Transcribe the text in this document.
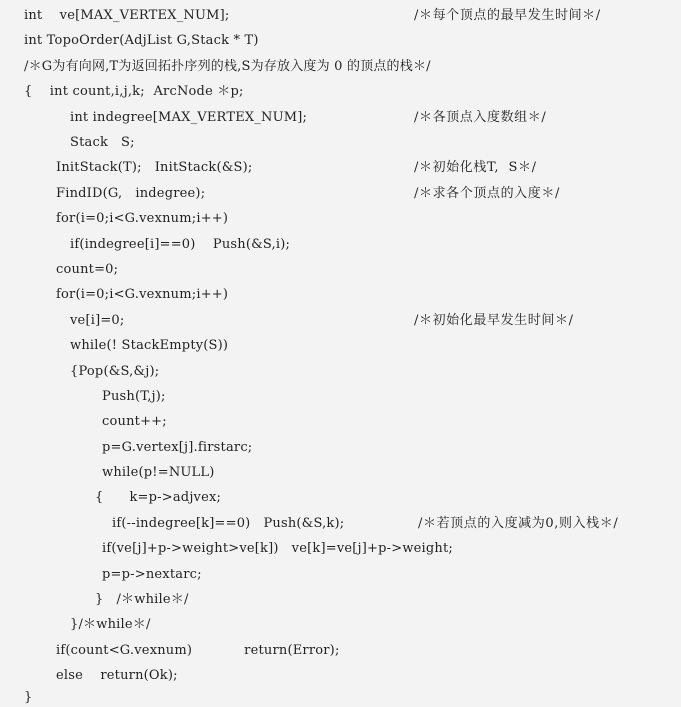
int    ve[MAX_VERTEX_NUM];	/＊每个顶点的最早发生时间＊/
int TopoOrder(AdjList G,Stack * T)
/＊G为有向网,T为返回拓扑序列的栈,S为存放入度为 0 的顶点的栈＊/
{    int count,i,j,k;  ArcNode ＊p;
int indegree[MAX_VERTEX_NUM];	/＊各顶点入度数组＊/
Stack   S;
InitStack(T);   InitStack(&S);	/＊初始化栈T,  S＊/
FindID(G,   indegree);	/＊求各个顶点的入度＊/
for(i=0;i<G.vexnum;i++)
if(indegree[i]==0)    Push(&S,i);
count=0;
for(i=0;i<G.vexnum;i++)
ve[i]=0;	/＊初始化最早发生时间＊/
while(! StackEmpty(S))
{Pop(&S,&j);
Push(T,j);
count++;
p=G.vertex[j].firstarc;
while(p!=NULL)
{      k=p->adjvex;
if(--indegree[k]==0)   Push(&S,k);	/＊若顶点的入度减为0,则入栈＊/
if(ve[j]+p->weight>ve[k])   ve[k]=ve[j]+p->weight;
p=p->nextarc;
}   /＊while＊/
}/＊while＊/
if(count<G.vexnum)            return(Error);
else    return(Ok);
}
